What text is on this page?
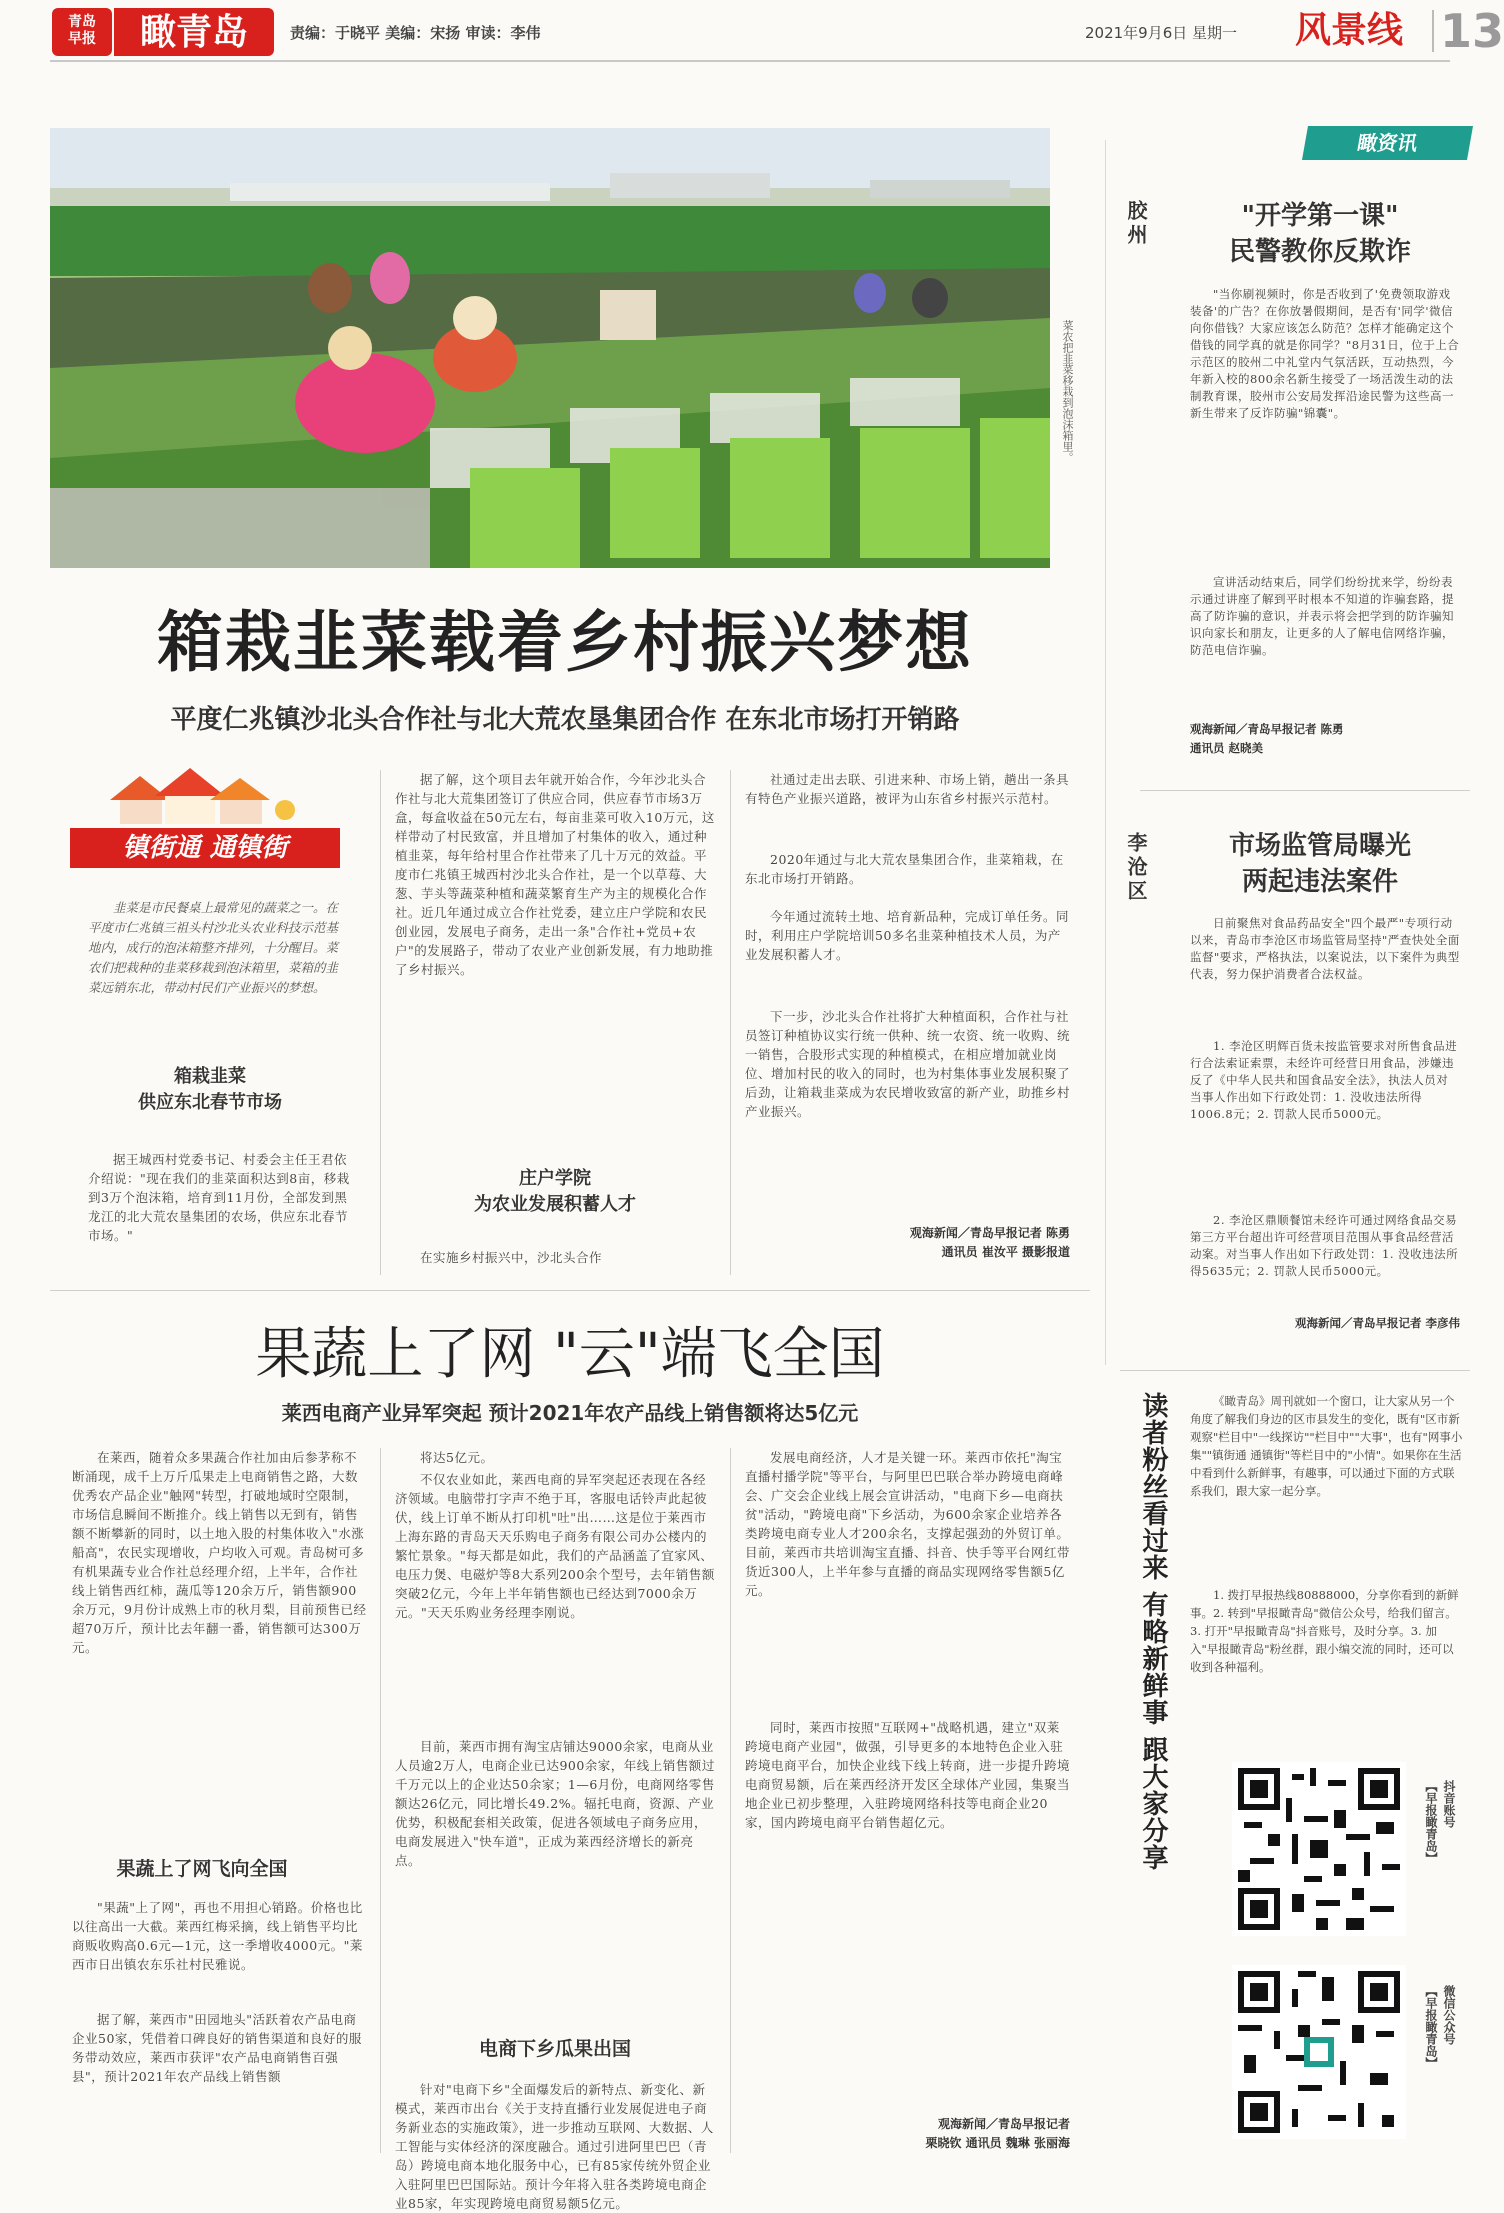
青岛早报	瞰青岛	责编：于晓平 美编：宋扬 审读：李伟	2021年9月6日 星期一 风景线 13
菜农把韭菜移栽到泡沫箱里。
箱栽韭菜载着乡村振兴梦想
平度仁兆镇沙北头合作社与北大荒农垦集团合作 在东北市场打开销路
镇街通 通镇街
韭菜是市民餐桌上最常见的蔬菜之一。在平度市仁兆镇三祖头村沙北头农业科技示范基地内，成行的泡沫箱整齐排列，十分醒目。菜农们把栽种的韭菜移栽到泡沫箱里，菜箱的韭菜远销东北，带动村民们产业振兴的梦想。
箱栽韭菜
供应东北春节市场
据王城西村党委书记、村委会主任王君依介绍说："现在我们的韭菜面积达到8亩，移栽到3万个泡沫箱，培育到11月份，全部发到黑龙江的北大荒农垦集团的农场，供应东北春节市场。"
据了解，这个项目去年就开始合作，今年沙北头合作社与北大荒集团签订了供应合同，供应春节市场3万盒，每盒收益在50元左右，每亩韭菜可收入10万元，这样带动了村民致富，并且增加了村集体的收入，通过种植韭菜，每年给村里合作社带来了几十万元的效益。平度市仁兆镇王城西村沙北头合作社，是一个以草莓、大葱、芋头等蔬菜种植和蔬菜繁育生产为主的规模化合作社。近几年通过成立合作社党委，建立庄户学院和农民创业园，发展电子商务，走出一条"合作社+党员+农户"的发展路子，带动了农业产业创新发展，有力地助推了乡村振兴。
庄户学院
为农业发展积蓄人才
在实施乡村振兴中，沙北头合作
社通过走出去联、引进来种、市场上销，趟出一条具有特色产业振兴道路，被评为山东省乡村振兴示范村。
2020年通过与北大荒农垦集团合作，韭菜箱栽，在东北市场打开销路。
今年通过流转土地、培育新品种，完成订单任务。同时，利用庄户学院培训50多名韭菜种植技术人员，为产业发展积蓄人才。
下一步，沙北头合作社将扩大种植面积，合作社与社员签订种植协议实行统一供种、统一农资、统一收购、统一销售，合股形式实现的种植模式，在相应增加就业岗位、增加村民的收入的同时，也为村集体事业发展积聚了后劲，让箱栽韭菜成为农民增收致富的新产业，助推乡村产业振兴。
观海新闻／青岛早报记者 陈勇
通讯员 崔汝平 摄影报道
果蔬上了网 "云"端飞全国
莱西电商产业异军突起 预计2021年农产品线上销售额将达5亿元
在莱西，随着众多果蔬合作社加由后参茅称不断涌现，成千上万斤瓜果走上电商销售之路，大数优秀农产品企业"触网"转型，打破地域时空限制，市场信息瞬间不断推介。线上销售以无到有，销售额不断攀新的同时，以土地入股的村集体收入"水涨船高"，农民实现增收，户均收入可观。青岛树可多有机果蔬专业合作社总经理介绍，上半年，合作社线上销售西红柿，蔬瓜等120余万斤，销售额900余万元，9月份计成熟上市的秋月梨，目前预售已经超70万斤，预计比去年翻一番，销售额可达300万元。
果蔬上了网飞向全国
"果蔬"上了网"，再也不用担心销路。价格也比以往高出一大截。莱西红梅采摘，线上销售平均比商贩收购高0.6元—1元，这一季增收4000元。"莱西市日出镇农东乐社村民雅说。
据了解，莱西市"田园地头"活跃着农产品电商企业50家，凭借着口碑良好的销售渠道和良好的服务带动效应，莱西市获评"农产品电商销售百强县"，预计2021年农产品线上销售额
将达5亿元。
不仅农业如此，莱西电商的异军突起还表现在各经济领域。电脑带打字声不绝于耳，客服电话铃声此起彼伏，线上订单不断从打印机"吐"出……这是位于莱西市上海东路的青岛天天乐购电子商务有限公司办公楼内的繁忙景象。"每天都是如此，我们的产品涵盖了宜家风、电压力煲、电磁炉等8大系列200余个型号，去年销售额突破2亿元，今年上半年销售额也已经达到7000余万元。"天天乐购业务经理李刚说。
目前，莱西市拥有淘宝店铺达9000余家，电商从业人员逾2万人，电商企业已达900余家，年线上销售额过千万元以上的企业达50余家；1—6月份，电商网络零售额达26亿元，同比增长49.2%。辐托电商，资源、产业优势，积极配套相关政策，促进各领域电子商务应用，电商发展进入"快车道"，正成为莱西经济增长的新亮点。
电商下乡瓜果出国
针对"电商下乡"全面爆发后的新特点、新变化、新模式，莱西市出台《关于支持直播行业发展促进电子商务新业态的实施政策》，进一步推动互联网、大数据、人工智能与实体经济的深度融合。通过引进阿里巴巴（青岛）跨境电商本地化服务中心，已有85家传统外贸企业入驻阿里巴巴国际站。预计今年将入驻各类跨境电商企业85家，年实现跨境电商贸易额5亿元。
发展电商经济，人才是关键一环。莱西市依托"淘宝直播村播学院"等平台，与阿里巴巴联合举办跨境电商峰会、广交会企业线上展会宣讲活动，"电商下乡—电商扶贫"活动，"跨境电商"下乡活动，为600余家企业培养各类跨境电商专业人才200余名，支撑起强劲的外贸订单。目前，莱西市共培训淘宝直播、抖音、快手等平台网红带货近300人，上半年参与直播的商品实现网络零售额5亿元。
同时，莱西市按照"互联网+"战略机遇，建立"双莱跨境电商产业园"，做强，引导更多的本地特色企业入驻跨境电商平台，加快企业线下线上转商，进一步提升跨境电商贸易额，后在莱西经济开发区全球体产业园，集聚当地企业已初步整理，入驻跨境网络科技等电商企业20家，国内跨境电商平台销售超亿元。
观海新闻／青岛早报记者
栗晓钦 通讯员 魏琳 张丽海
瞰资讯
胶州	"开学第一课"
民警教你反欺诈
"当你刷视频时，你是否收到了'免费领取游戏装备'的广告？在你放暑假期间，是否有'同学'微信向你借钱？大家应该怎么防范？怎样才能确定这个借钱的同学真的就是你同学？"8月31日，位于上合示范区的胶州二中礼堂内气氛活跃，互动热烈，今年新入校的800余名新生接受了一场活泼生动的法制教育课，胶州市公安局发挥沿途民警为这些高一新生带来了反诈防骗"锦囊"。
宣讲活动结束后，同学们纷纷扰来学，纷纷表示通过讲座了解到平时根本不知道的诈骗套路，提高了防诈骗的意识，并表示将会把学到的防诈骗知识向家长和朋友，让更多的人了解电信网络诈骗，防范电信诈骗。
观海新闻／青岛早报记者 陈勇
通讯员 赵晓美
李沧区	市场监管局曝光
两起违法案件
日前聚焦对食品药品安全"四个最严"专项行动以来，青岛市李沧区市场监管局坚持"严查快处全面监督"要求，严格执法，以案说法，以下案件为典型代表，努力保护消费者合法权益。
1. 李沧区明辉百货未按监管要求对所售食品进行合法索证索票，未经许可经营日用食品，涉嫌违反了《中华人民共和国食品安全法》，执法人员对当事人作出如下行政处罚：1. 没收违法所得1006.8元；2. 罚款人民币5000元。
2. 李沧区鼎顺餐馆未经许可通过网络食品交易第三方平台超出许可经营项目范围从事食品经营活动案。对当事人作出如下行政处罚：1. 没收违法所得5635元；2. 罚款人民币5000元。
观海新闻／青岛早报记者 李彦伟
读者粉丝看过来 有略新鲜事 跟大家分享	《瞰青岛》周刊就如一个窗口，让大家从另一个角度了解我们身边的区市县发生的变化，既有"区市新观察"栏目中"一线探访""栏目中""大事"，也有"网事小集""镇街通 通镇街"等栏目中的"小情"。如果你在生活中看到什么新鲜事，有趣事，可以通过下面的方式联系我们，跟大家一起分享。
1. 拨打早报热线80888000，分享你看到的新鲜事。2. 转到"早报瞰青岛"微信公众号，给我们留言。3. 打开"早报瞰青岛"抖音账号，及时分享。3. 加入"早报瞰青岛"粉丝群，跟小编交流的同时，还可以收到各种福利。
抖音账号
【早报瞰青岛】
微信公众号
【早报瞰青岛】
